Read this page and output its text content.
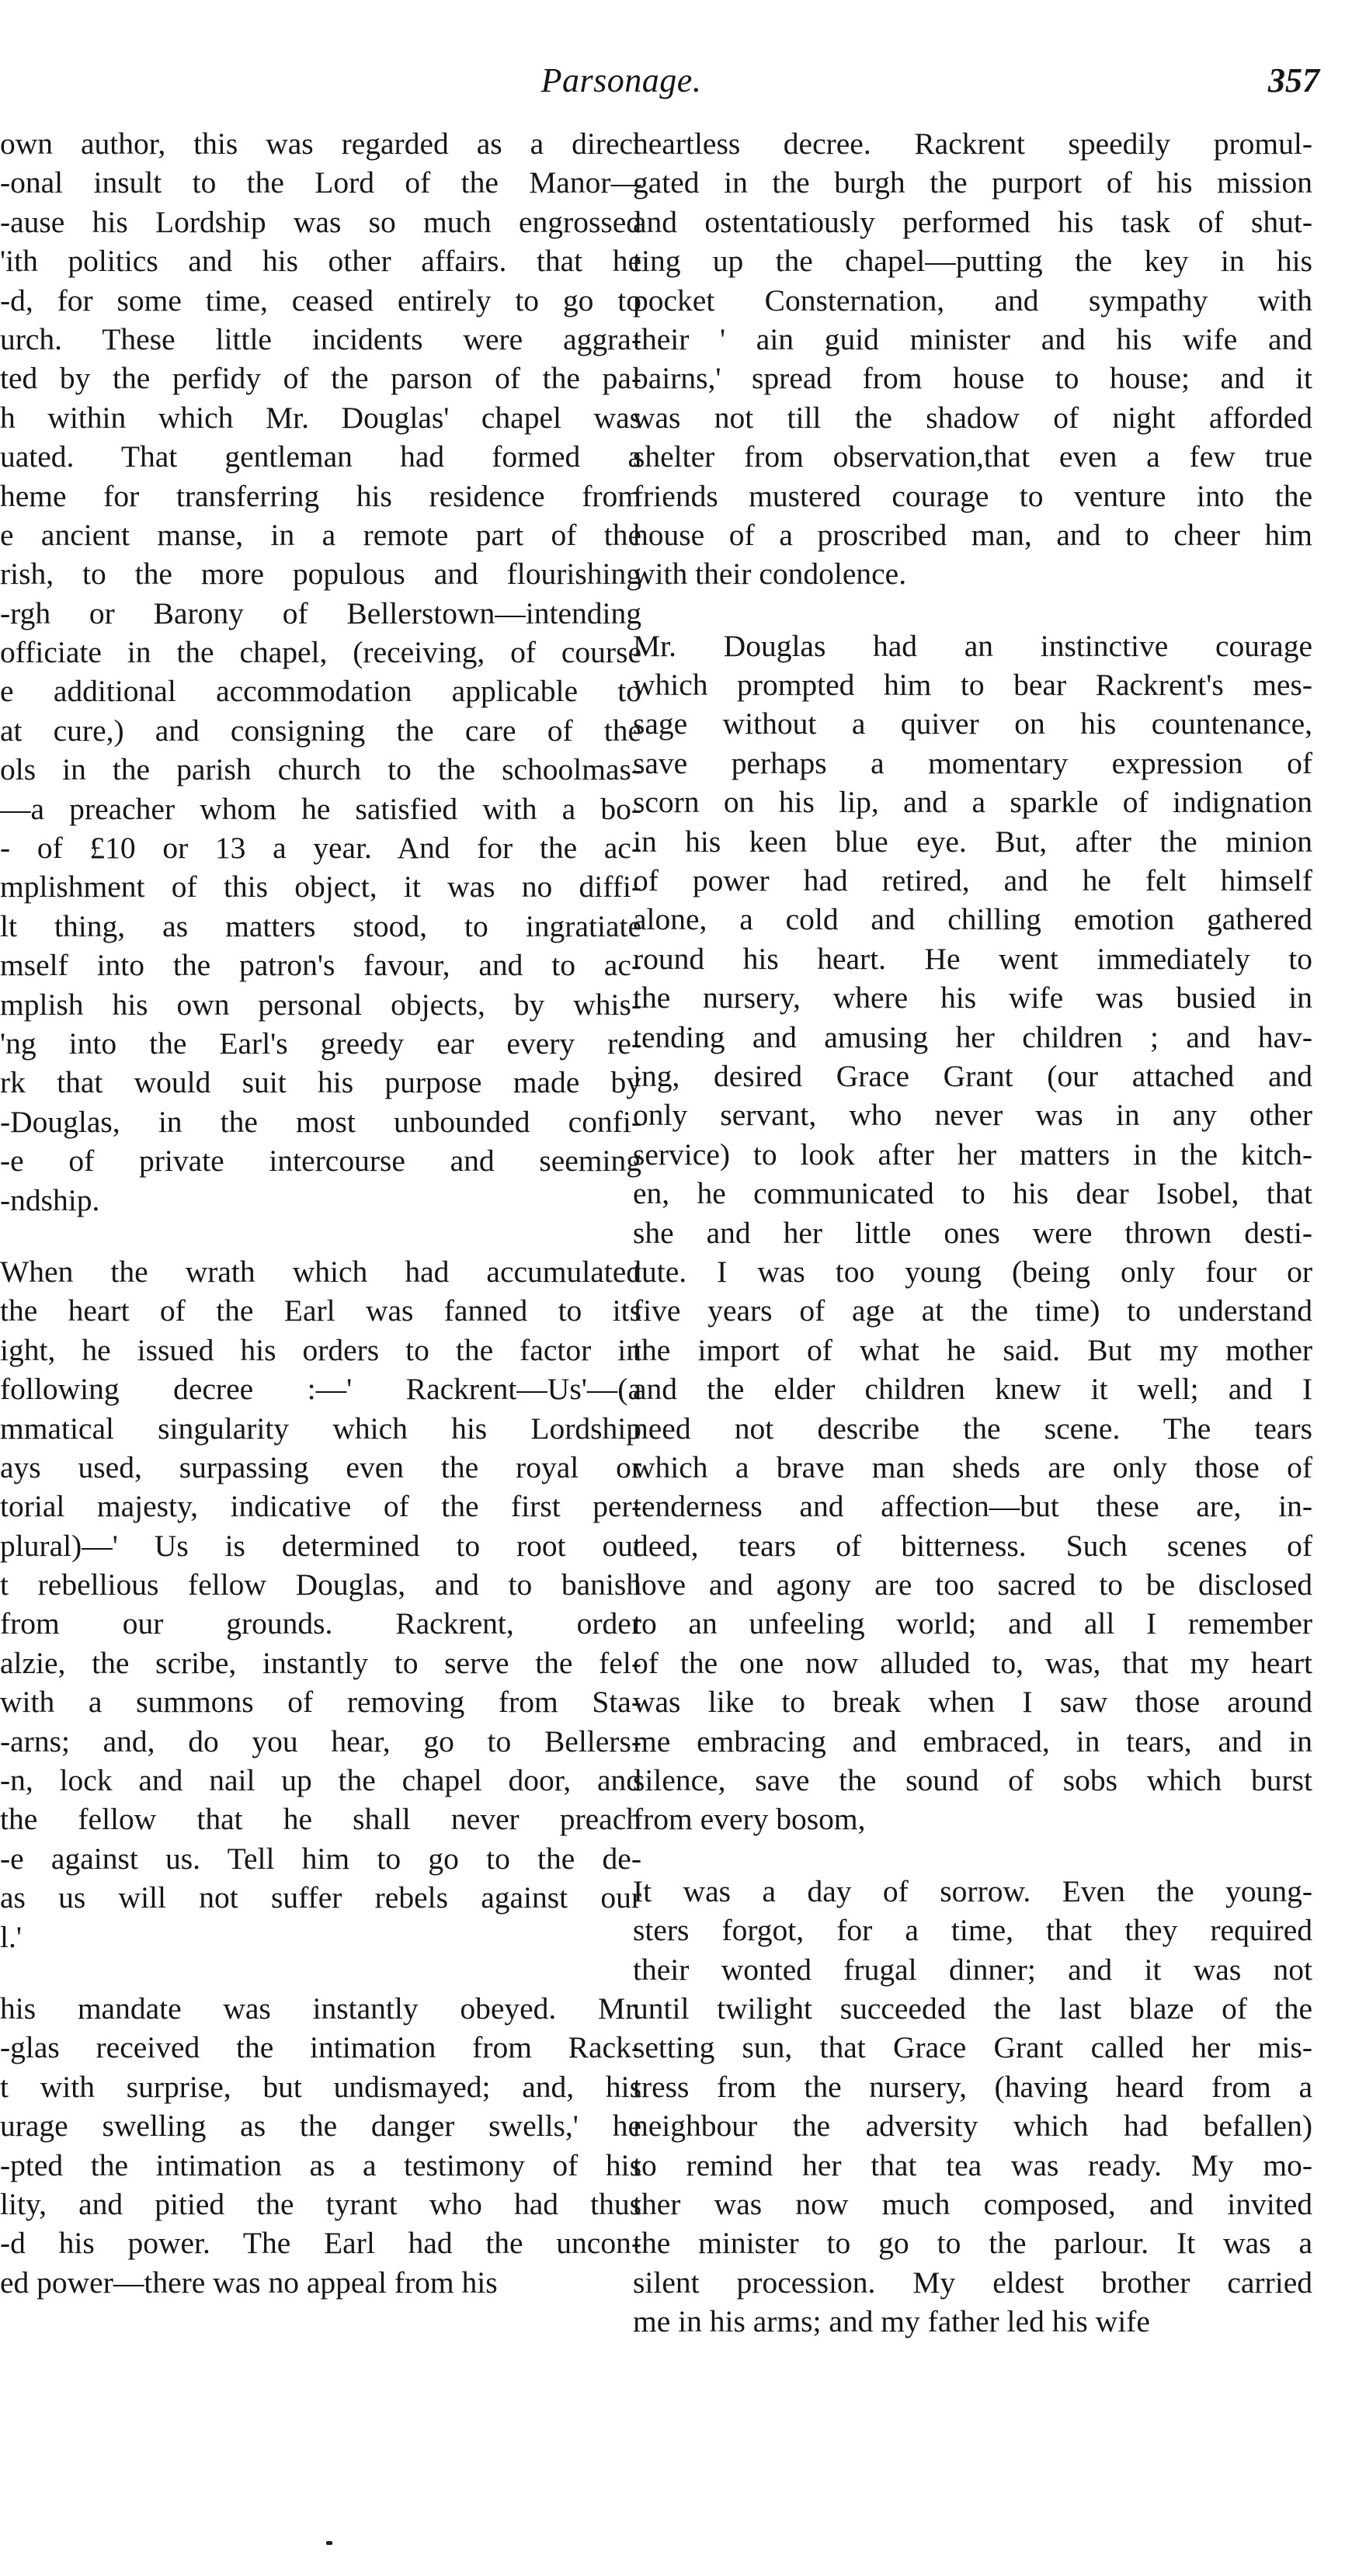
Parsonage.	357
own author, this was regarded as a direct
-onal insult to the Lord of the Manor—
-ause his Lordship was so much engrossed
'ith politics and his other affairs. that he
-d, for some time, ceased entirely to go to
urch. These little incidents were aggra-
ted by the perfidy of the parson of the pa-
h within which Mr. Douglas' chapel was
uated. That gentleman had formed a
heme for transferring his residence from
e ancient manse, in a remote part of the
rish, to the more populous and flourishing
-rgh or Barony of Bellerstown—intending
officiate in the chapel, (receiving, of course
e additional accommodation applicable to
at cure,) and consigning the care of the
ols in the parish church to the schoolmas-
—a preacher whom he satisfied with a bo-
- of £10 or 13 a year. And for the ac-
mplishment of this object, it was no diffi-
lt thing, as matters stood, to ingratiate
mself into the patron's favour, and to ac-
mplish his own personal objects, by whis-
'ng into the Earl's greedy ear every re-
rk that would suit his purpose made by
-Douglas, in the most unbounded confi-
-e of private intercourse and seeming
-ndship.
When the wrath which had accumulated
the heart of the Earl was fanned to its
ight, he issued his orders to the factor in
following decree :—' Rackrent—Us'—(a
mmatical singularity which his Lordship
ays used, surpassing even the royal or
torial majesty, indicative of the first per-
plural)—' Us is determined to root out
t rebellious fellow Douglas, and to banish
from our grounds. Rackrent, order
alzie, the scribe, instantly to serve the fel-
with a summons of removing from Sta-
-arns; and, do you hear, go to Bellers-
-n, lock and nail up the chapel door, and
the fellow that he shall never preach
-e against us. Tell him to go to the de-
as us will not suffer rebels against our
l.'
his mandate was instantly obeyed. Mr.
-glas received the intimation from Rack-
t with surprise, but undismayed; and, his
urage swelling as the danger swells,' he
-pted the intimation as a testimony of his
lity, and pitied the tyrant who had thus
-d his power. The Earl had the uncon-
ed power—there was no appeal from his
heartless decree. Rackrent speedily promul-
gated in the burgh the purport of his mission
and ostentatiously performed his task of shut-
ting up the chapel—putting the key in his
pocket Consternation, and sympathy with
their ' ain guid minister and his wife and
bairns,' spread from house to house; and it
was not till the shadow of night afforded
shelter from observation,that even a few true
friends mustered courage to venture into the
house of a proscribed man, and to cheer him
with their condolence.
Mr. Douglas had an instinctive courage
which prompted him to bear Rackrent's mes-
sage without a quiver on his countenance,
save perhaps a momentary expression of
scorn on his lip, and a sparkle of indignation
in his keen blue eye. But, after the minion
of power had retired, and he felt himself
alone, a cold and chilling emotion gathered
round his heart. He went immediately to
the nursery, where his wife was busied in
tending and amusing her children ; and hav-
ing, desired Grace Grant (our attached and
only servant, who never was in any other
service) to look after her matters in the kitch-
en, he communicated to his dear Isobel, that
she and her little ones were thrown desti-
tute. I was too young (being only four or
five years of age at the time) to understand
the import of what he said. But my mother
and the elder children knew it well; and I
need not describe the scene. The tears
which a brave man sheds are only those of
tenderness and affection—but these are, in-
deed, tears of bitterness. Such scenes of
love and agony are too sacred to be disclosed
to an unfeeling world; and all I remember
of the one now alluded to, was, that my heart
was like to break when I saw those around
me embracing and embraced, in tears, and in
silence, save the sound of sobs which burst
from every bosom,
It was a day of sorrow. Even the young-
sters forgot, for a time, that they required
their wonted frugal dinner; and it was not
until twilight succeeded the last blaze of the
setting sun, that Grace Grant called her mis-
tress from the nursery, (having heard from a
neighbour the adversity which had befallen)
to remind her that tea was ready. My mo-
ther was now much composed, and invited
the minister to go to the parlour. It was a
silent procession. My eldest brother carried
me in his arms; and my father led his wife
